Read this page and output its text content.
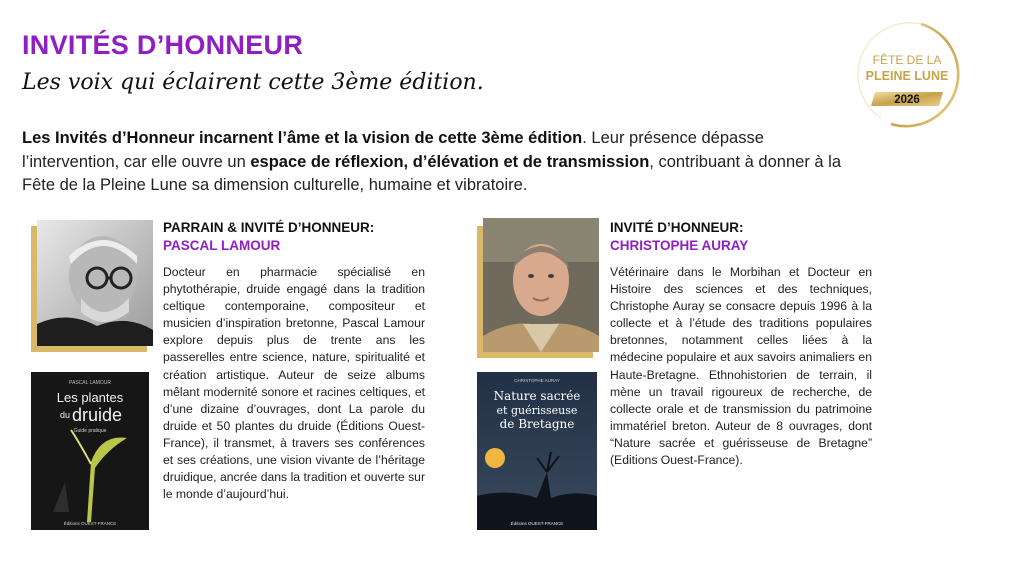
INVITÉS D’HONNEUR

Les voix qui éclairent cette 3ème édition.

FÊTE DE LA
PLEINE LUNE
2026

Les Invités d’Honneur incarnent l’âme et la vision de cette 3ème édition. Leur présence dépasse l’intervention, car elle ouvre un espace de réflexion, d’élévation et de transmission, contribuant à donner à la Fête de la Pleine Lune sa dimension culturelle, humaine et vibratoire.

PASCAL LAMOUR
Les plantes
du druide
Guide pratique
Éditions OUEST-FRANCE
PARRAIN & INVITÉ D’HONNEUR:
PASCAL LAMOUR

Docteur en pharmacie spécialisé en phytothérapie, druide engagé dans la tradition celtique contemporaine, compositeur et musicien d’inspiration bretonne, Pascal Lamour explore depuis plus de trente ans les passerelles entre science, nature, spiritualité et création artistique. Auteur de seize albums mêlant modernité sonore et racines celtiques, et d’une dizaine d’ouvrages, dont La parole du druide et 50 plantes du druide (Éditions Ouest-France), il transmet, à travers ses conférences et ses créations, une vision vivante de l’héritage druidique, ancrée dans la tradition et ouverte sur le monde d’aujourd’hui.

CHRISTOPHE AURAY
Nature sacrée
et guérisseuse
de Bretagne
Éditions OUEST-FRANCE
INVITÉ D’HONNEUR:
CHRISTOPHE AURAY

Vétérinaire dans le Morbihan et Docteur en Histoire des sciences et des techniques, Christophe Auray se consacre depuis 1996 à la collecte et à l’étude des traditions populaires bretonnes, notamment celles liées à la médecine populaire et aux savoirs animaliers en Haute-Bretagne. Ethnohistorien de terrain, il mène un travail rigoureux de recherche, de collecte orale et de transmission du patrimoine immatériel breton. Auteur de 8 ouvrages, dont “Nature sacrée et guérisseuse de Bretagne” (Editions Ouest-France).
